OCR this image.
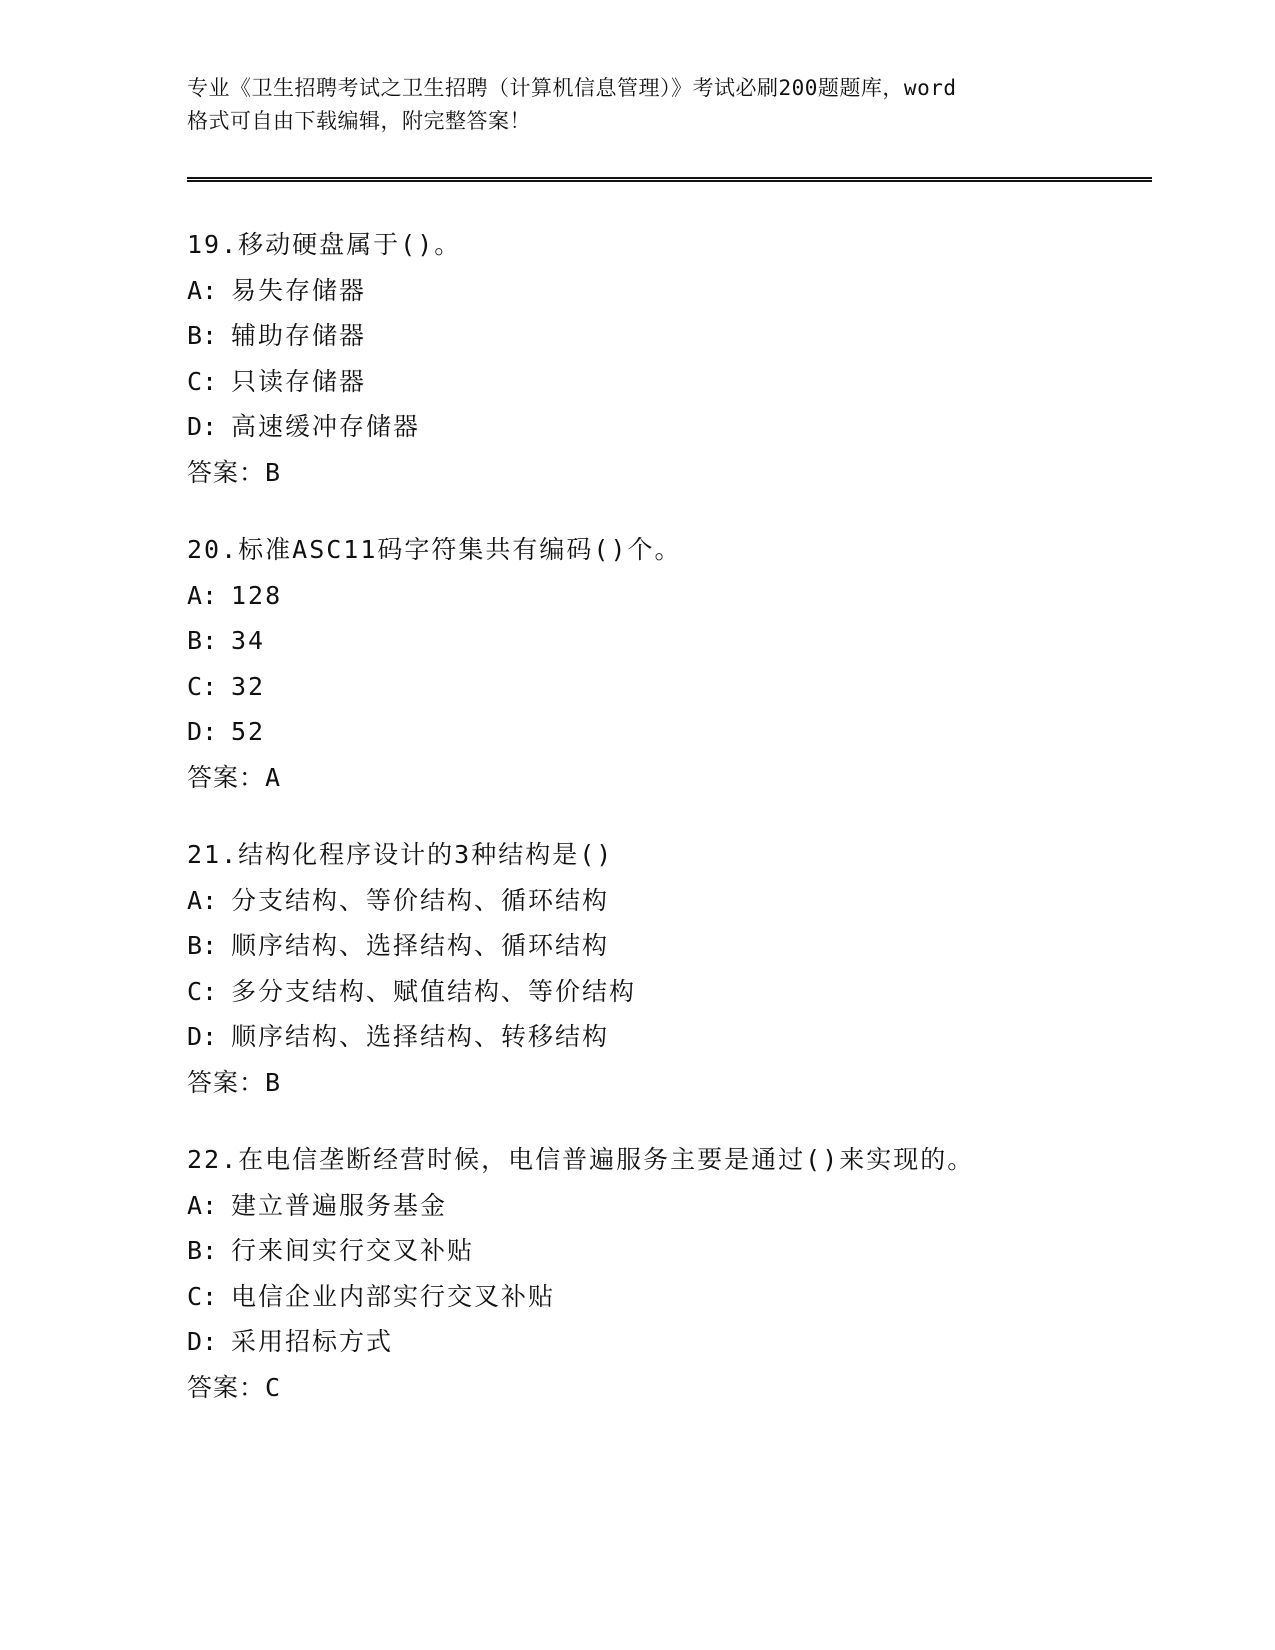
专业《卫生招聘考试之卫生招聘（计算机信息管理）》考试必刷200题题库，word
格式可自由下载编辑，附完整答案！
19.移动硬盘属于()。
A: 易失存储器
B: 辅助存储器
C: 只读存储器
D: 高速缓冲存储器
答案：B
20.标准ASC11码字符集共有编码()个。
A: 128
B: 34
C: 32
D: 52
答案：A
21.结构化程序设计的3种结构是()
A: 分支结构、等价结构、循环结构
B: 顺序结构、选择结构、循环结构
C: 多分支结构、赋值结构、等价结构
D: 顺序结构、选择结构、转移结构
答案：B
22.在电信垄断经营时候，电信普遍服务主要是通过()来实现的。
A: 建立普遍服务基金
B: 行来间实行交叉补贴
C: 电信企业内部实行交叉补贴
D: 采用招标方式
答案：C
